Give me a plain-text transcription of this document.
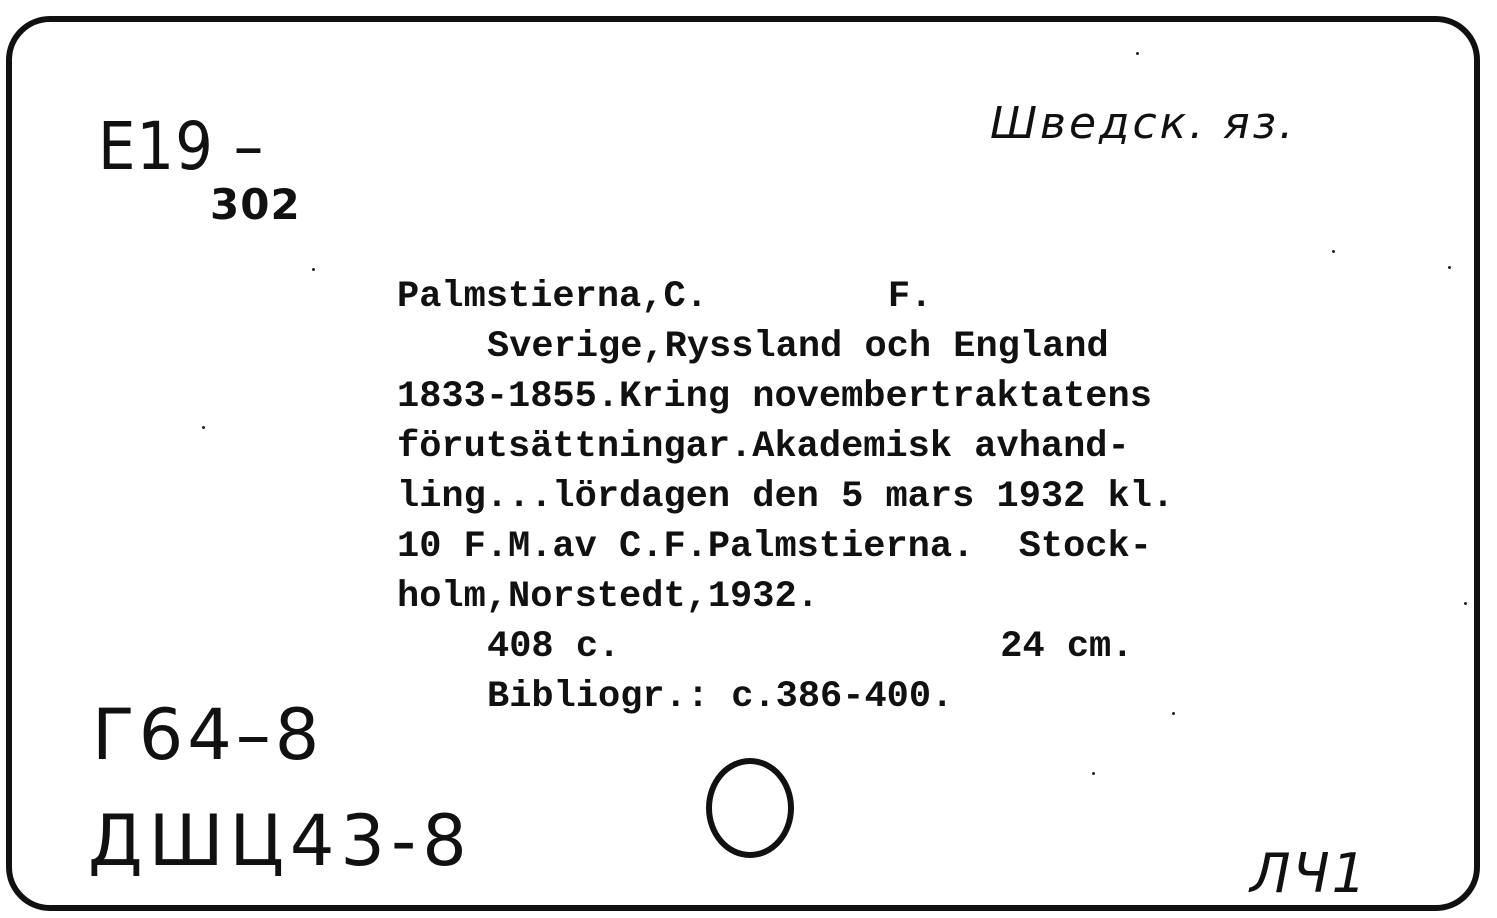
E19 –
302
Шведск. яз.
Palmstierna,C.	F.
Sverige,Ryssland och England
1833-1855.Kring novembertraktatens
förutsättningar.Akademisk avhand-
ling...lördagen den 5 mars 1932 kl.
10 F.M.av C.F.Palmstierna.  Stock-
holm,Norstedt,1932.
408 c.	24 cm.
Bibliogr.: c.386-400.
Г64–8
ДШЦ43-8	ЛЧ1
